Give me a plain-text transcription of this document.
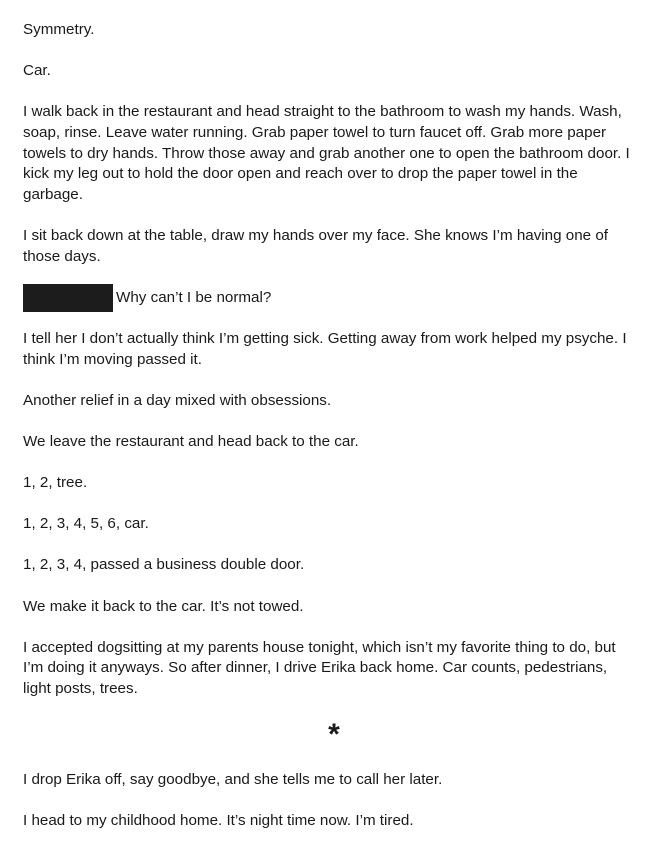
Symmetry.

Car.

I walk back in the restaurant and head straight to the bathroom to wash my hands. Wash, soap, rinse. Leave water running. Grab paper towel to turn faucet off. Grab more paper towels to dry hands. Throw those away and grab another one to open the bathroom door. I kick my leg out to hold the door open and reach over to drop the paper towel in the garbage.

I sit back down at the table, draw my hands over my face. She knows I’m having one of those days.

Why can’t I be normal?

I tell her I don’t actually think I’m getting sick. Getting away from work helped my psyche. I think I’m moving passed it.

Another relief in a day mixed with obsessions.

We leave the restaurant and head back to the car.

1, 2, tree.

1, 2, 3, 4, 5, 6, car.

1, 2, 3, 4, passed a business double door.

We make it back to the car. It’s not towed.

I accepted dogsitting at my parents house tonight, which isn’t my favorite thing to do, but I’m doing it anyways. So after dinner, I drive Erika back home. Car counts, pedestrians, light posts, trees.

*

I drop Erika off, say goodbye, and she tells me to call her later.

I head to my childhood home. It’s night time now. I’m tired.
